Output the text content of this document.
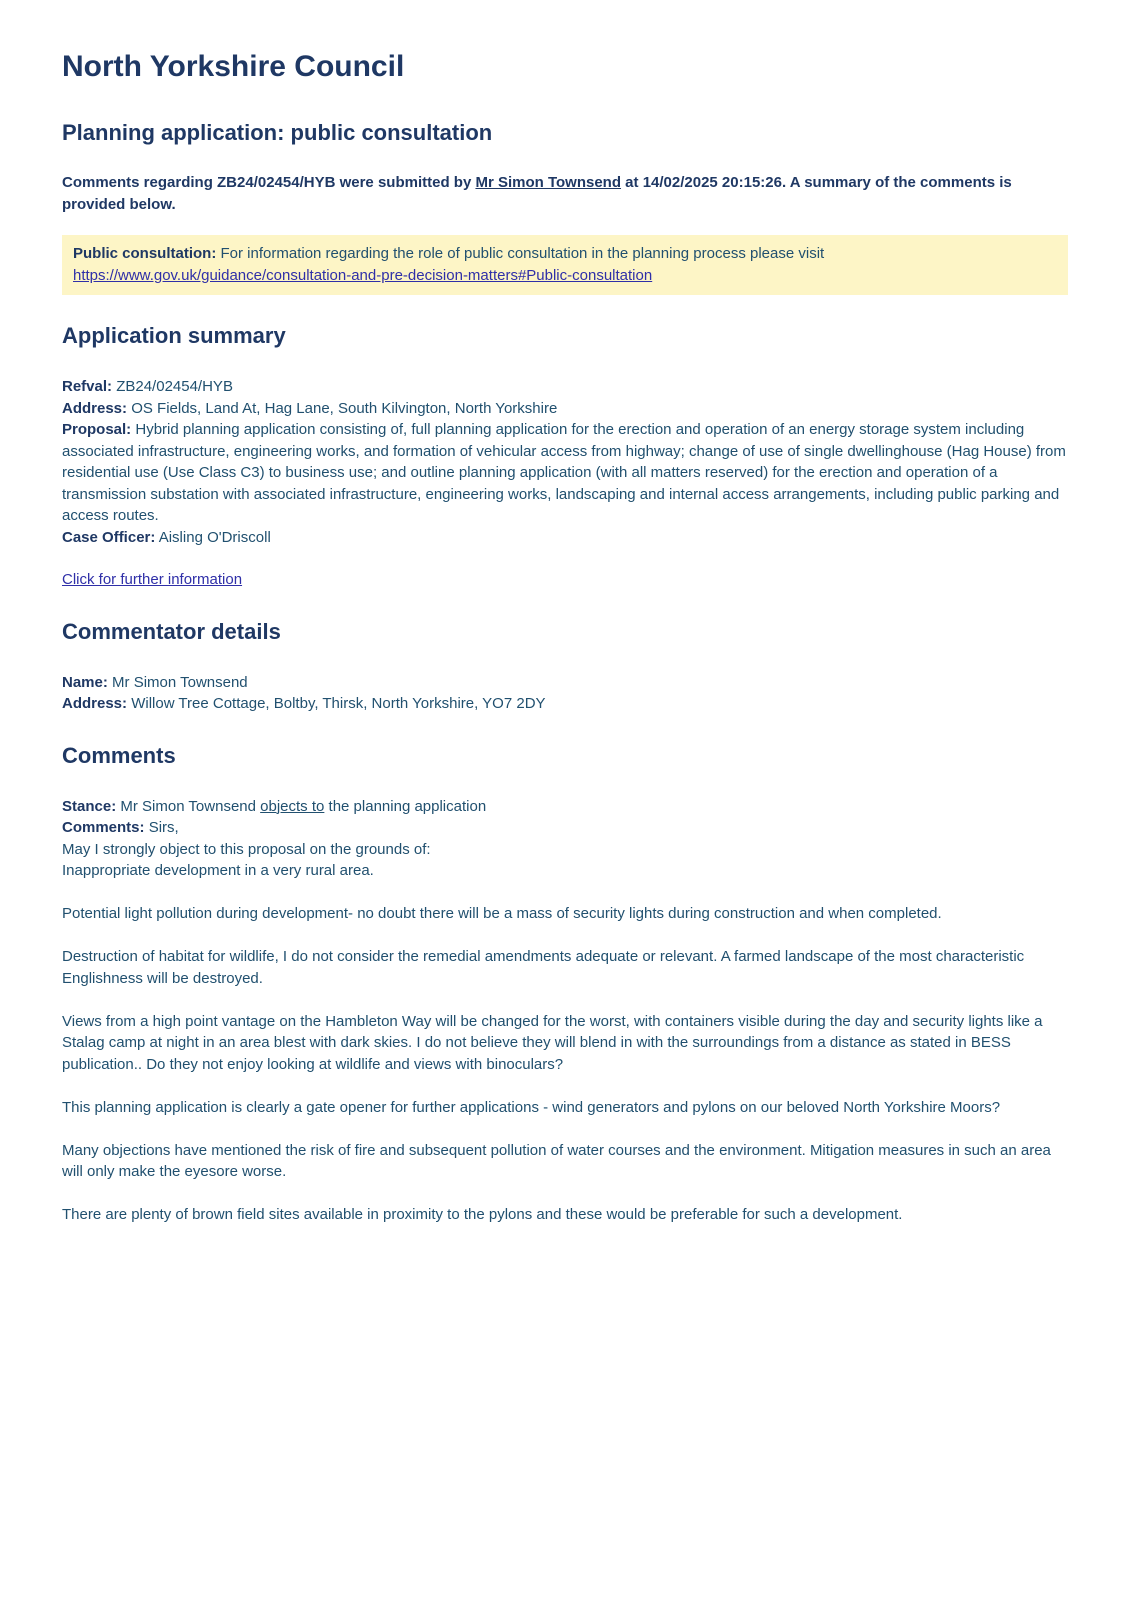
North Yorkshire Council
Planning application: public consultation

Comments regarding ZB24/02454/HYB were submitted by Mr Simon Townsend at 14/02/2025 20:15:26. A summary of the comments is provided below.

Public consultation: For information regarding the role of public consultation in the planning process please visit
https://www.gov.uk/guidance/consultation-and-pre-decision-matters#Public-consultation
Application summary
Refval: ZB24/02454/HYB
Address: OS Fields, Land At, Hag Lane, South Kilvington, North Yorkshire
Proposal: Hybrid planning application consisting of, full planning application for the erection and operation of an energy storage system including associated infrastructure, engineering works, and formation of vehicular access from highway; change of use of single dwellinghouse (Hag House) from residential use (Use Class C3) to business use; and outline planning application (with all matters reserved) for the erection and operation of a transmission substation with associated infrastructure, engineering works, landscaping and internal access arrangements, including public parking and access routes.
Case Officer: Aisling O'Driscoll
Click for further information
Commentator details
Name: Mr Simon Townsend
Address: Willow Tree Cottage, Boltby, Thirsk, North Yorkshire, YO7 2DY
Comments
Stance: Mr Simon Townsend objects to the planning application
Comments: Sirs,
May I strongly object to this proposal on the grounds of:
Inappropriate development in a very rural area.

Potential light pollution during development- no doubt there will be a mass of security lights during construction and when completed.

Destruction of habitat for wildlife, I do not consider the remedial amendments adequate or relevant. A farmed landscape of the most characteristic Englishness will be destroyed.

Views from a high point vantage on the Hambleton Way will be changed for the worst, with containers visible during the day and security lights like a Stalag camp at night in an area blest with dark skies. I do not believe they will blend in with the surroundings from a distance as stated in BESS publication.. Do they not enjoy looking at wildlife and views with binoculars?

This planning application is clearly a gate opener for further applications - wind generators and pylons on our beloved North Yorkshire Moors?

Many objections have mentioned the risk of fire and subsequent pollution of water courses and the environment. Mitigation measures in such an area will only make the eyesore worse.

There are plenty of brown field sites available in proximity to the pylons and these would be preferable for such a development.
